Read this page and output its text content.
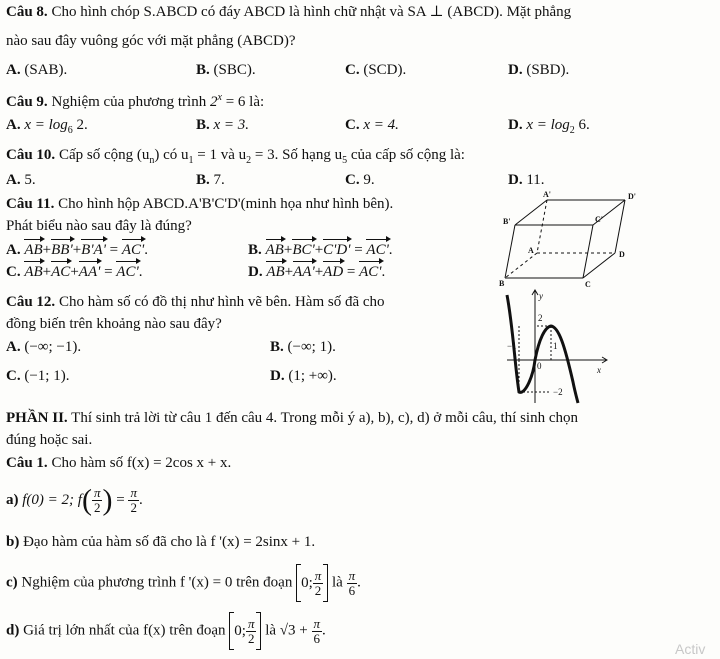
Câu 8. Cho hình chóp S.ABCD có đáy ABCD là hình chữ nhật và SA ⊥ (ABCD). Mặt phẳng
nào sau đây vuông góc với mặt phẳng (ABCD)?
A. (SAB).	B. (SBC).	C. (SCD).	D. (SBD).
Câu 9. Nghiệm của phương trình $2^x = 6$ là:
A. $x = \log_6 2$.	B. x = 3.	C. x = 4.	D. $x = \log_2 6$.
Câu 10. Cấp số cộng $(u_n)$ có $u_1 = 1$ và $u_2 = 3$. Số hạng $u_5$ của cấp số cộng là:
A. 5.	B. 7.	C. 9.	D. 11.
Câu 11. Cho hình hộp ABCD.A'B'C'D'(minh họa như hình bên).
Phát biểu nào sau đây là đúng?
A. AB+BB'+B'A' = AC'.	B. AB+BC'+C'D' = AC'.
C. AB+AC+AA' = AC'.	D. AB+AA'+AD = AC'.
A'	D'
B'	C'
A	D
B	C
Câu 12. Cho hàm số có đồ thị như hình vẽ bên. Hàm số đã cho
đồng biến trên khoảng nào sau đây?
A. (−∞; −1).	B. (−∞; 1).
C. (−1; 1).	D. (1; +∞).
y
x
2
−1	1
0
−2
PHẦN II. Thí sinh trả lời từ câu 1 đến câu 4. Trong mỗi ý a), b), c), d) ở mỗi câu, thí sinh chọn
đúng hoặc sai.
Câu 1. Cho hàm số f(x) = 2cos x + x.
a) f(0) = 2; $f( \frac{\pi}{2}$ ) = $\frac{\pi}{2}$ .
b) Đạo hàm của hàm số đã cho là f '(x) = 2sinx + 1.
c) Nghiệm của phương trình f '(x) = 0 trên đoạn 0; $\frac{\pi}{2}$ là $\frac{\pi}{6}$ .
d) Giá trị lớn nhất của f(x) trên đoạn 0; $\frac{\pi}{2}$ là $√3 + \frac{\pi}{6}$ .
Activ
